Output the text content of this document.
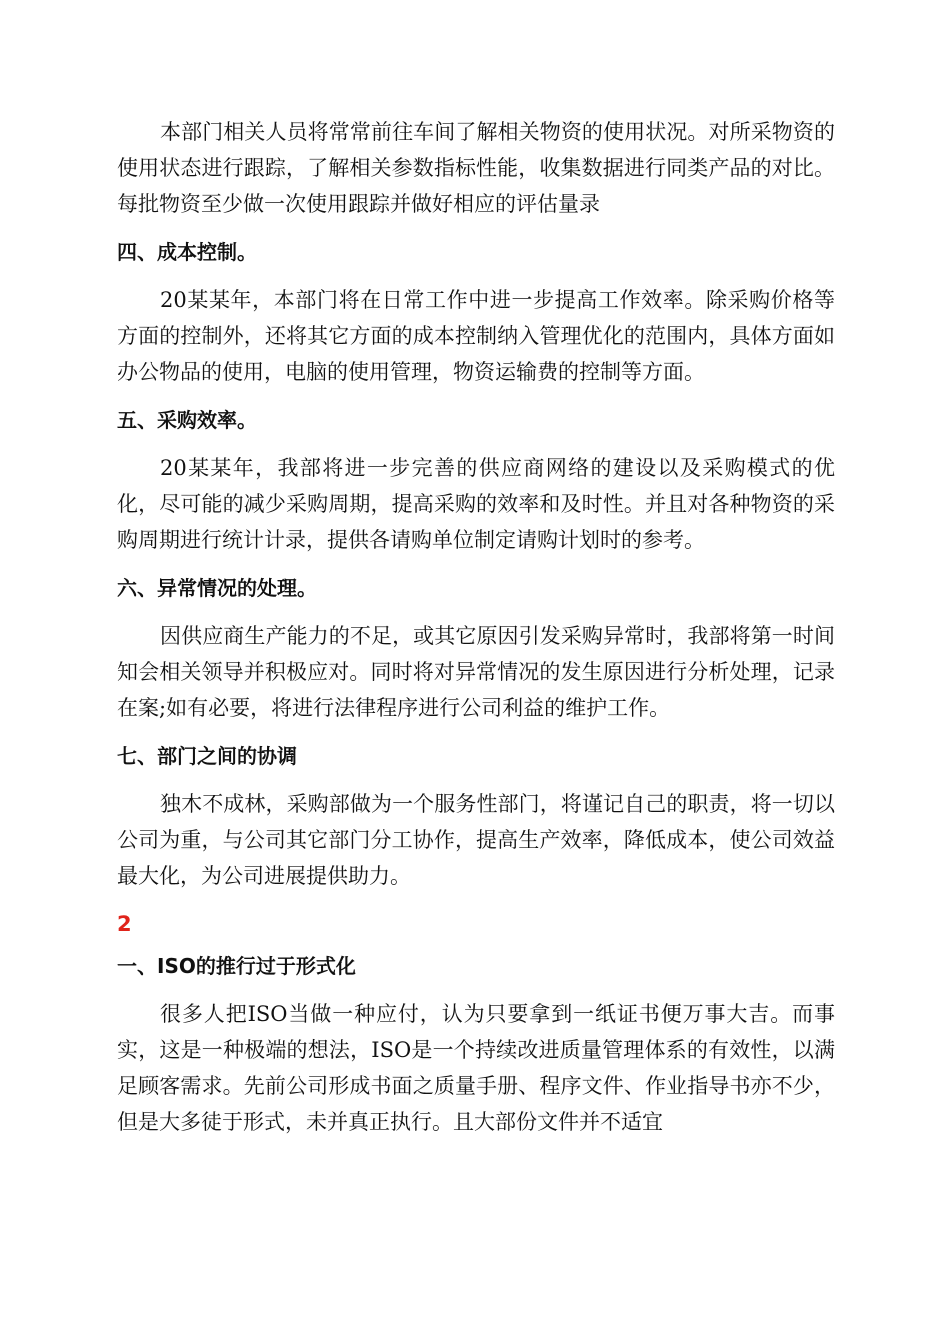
本部门相关人员将常常前往车间了解相关物资的使用状况。对所采物资的使用状态进行跟踪，了解相关参数指标性能，收集数据进行同类产品的对比。每批物资至少做一次使用跟踪并做好相应的评估量录

四、成本控制。

20某某年，本部门将在日常工作中进一步提高工作效率。除采购价格等方面的控制外，还将其它方面的成本控制纳入管理优化的范围内，具体方面如办公物品的使用，电脑的使用管理，物资运输费的控制等方面。

五、采购效率。

20某某年，我部将进一步完善的供应商网络的建设以及采购模式的优化，尽可能的减少采购周期，提高采购的效率和及时性。并且对各种物资的采购周期进行统计计录，提供各请购单位制定请购计划时的参考。

六、异常情况的处理。

因供应商生产能力的不足，或其它原因引发采购异常时，我部将第一时间知会相关领导并积极应对。同时将对异常情况的发生原因进行分析处理，记录在案;如有必要，将进行法律程序进行公司利益的维护工作。

七、部门之间的协调

独木不成林，采购部做为一个服务性部门，将谨记自己的职责，将一切以公司为重，与公司其它部门分工协作，提高生产效率，降低成本，使公司效益最大化，为公司进展提供助力。

2
一、ISO的推行过于形式化

很多人把ISO当做一种应付，认为只要拿到一纸证书便万事大吉。而事实，这是一种极端的想法，ISO是一个持续改进质量管理体系的有效性，以满足顾客需求。先前公司形成书面之质量手册、程序文件、作业指导书亦不少，但是大多徒于形式，未并真正执行。且大部份文件并不适宜
